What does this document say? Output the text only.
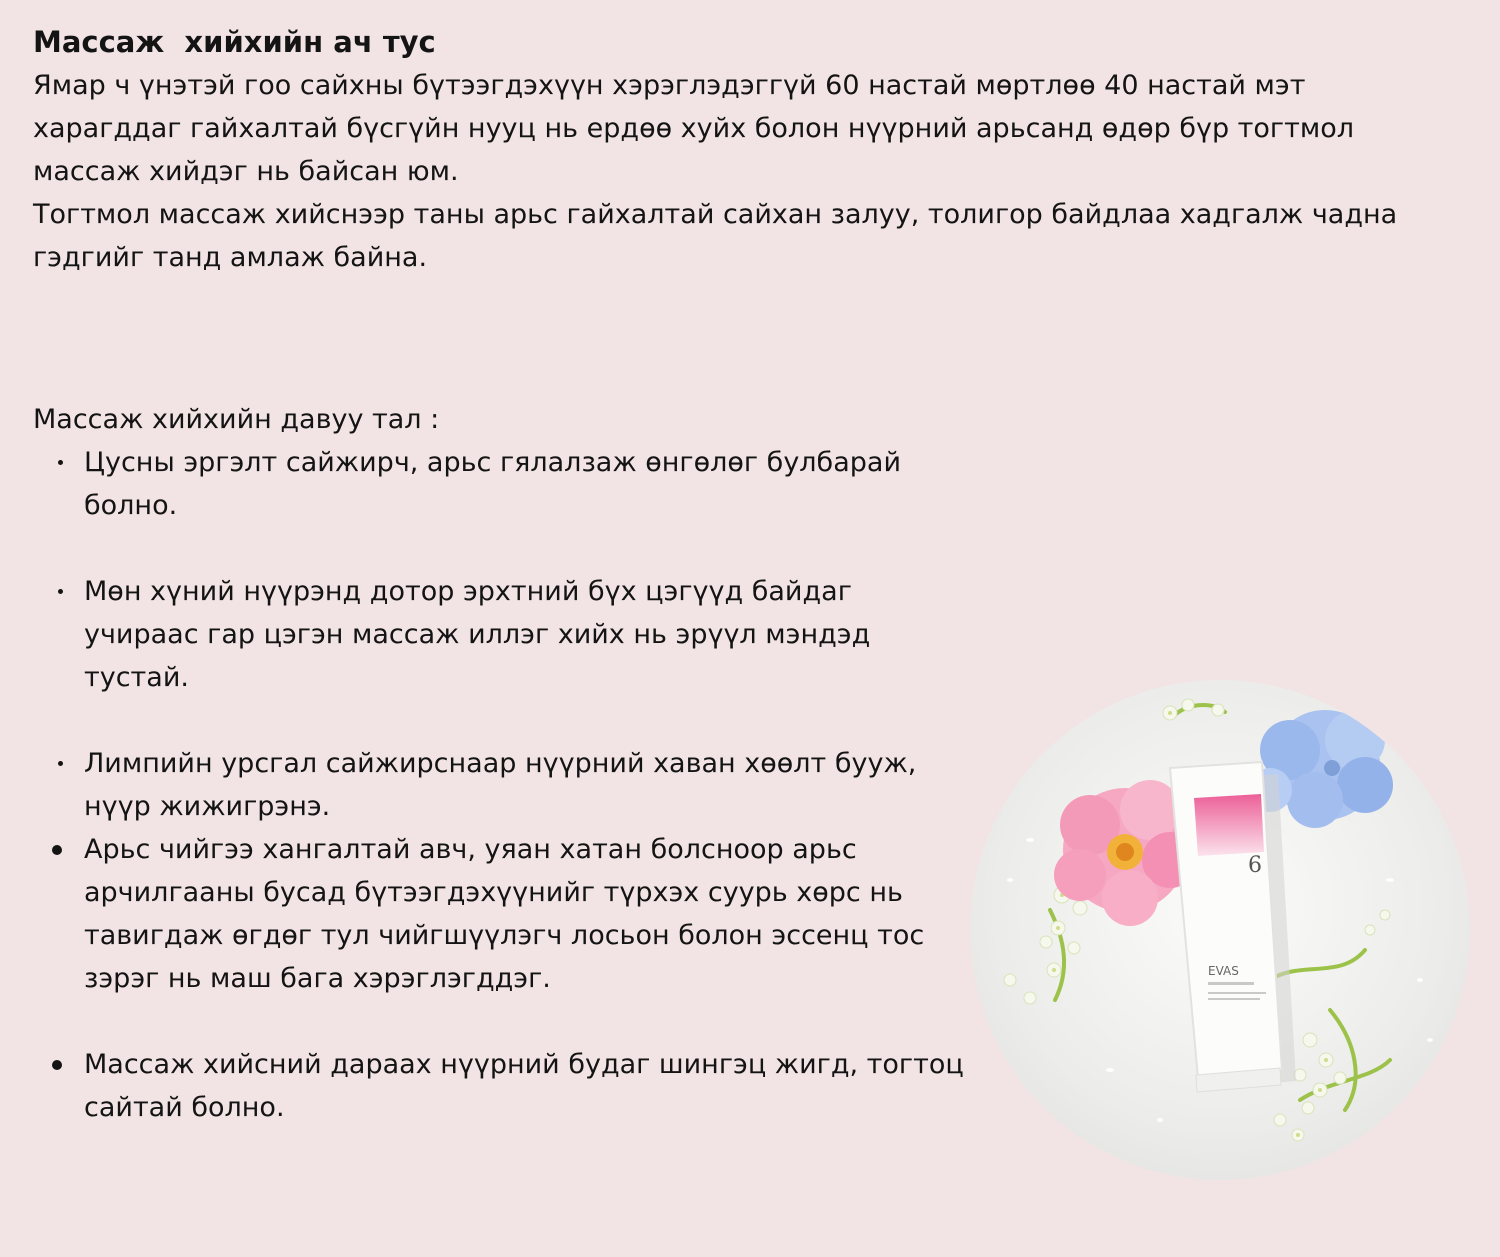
Массаж  хийхийн ач тус

Ямар ч үнэтэй гоо сайхны бүтээгдэхүүн хэрэглэдэггүй 60 настай мөртлөө 40 настай мэт харагддаг гайхалтай бүсгүйн нууц нь ердөө хуйх болон нүүрний арьсанд өдөр бүр тогтмол массаж хийдэг нь байсан юм.

Тогтмол массаж хийснээр таны арьс гайхалтай сайхан залуу, толигор байдлаа хадгалж чадна гэдгийг танд амлаж байна.

Массаж хийхийн давуу тал :

Цусны эргэлт сайжирч, арьс гялалзаж өнгөлөг булбарай болно.
Мөн хүний нүүрэнд дотор эрхтний бүх цэгүүд байдаг учираас гар цэгэн массаж иллэг хийх нь эрүүл мэндэд тустай.
Лимпийн урсгал сайжирснаар нүүрний хаван хөөлт бууж, нүүр жижигрэнэ.
Арьс чийгээ хангалтай авч, уяан хатан болсноор арьс арчилгааны бусад бүтээгдэхүүнийг түрхэх суурь хөрс нь тавигдаж өгдөг тул чийгшүүлэгч лосьон болон эссенц тос зэрэг нь маш бага хэрэглэгддэг.
Массаж хийсний дараах нүүрний будаг шингэц жигд, тогтоц сайтай болно.
6
EVAS
